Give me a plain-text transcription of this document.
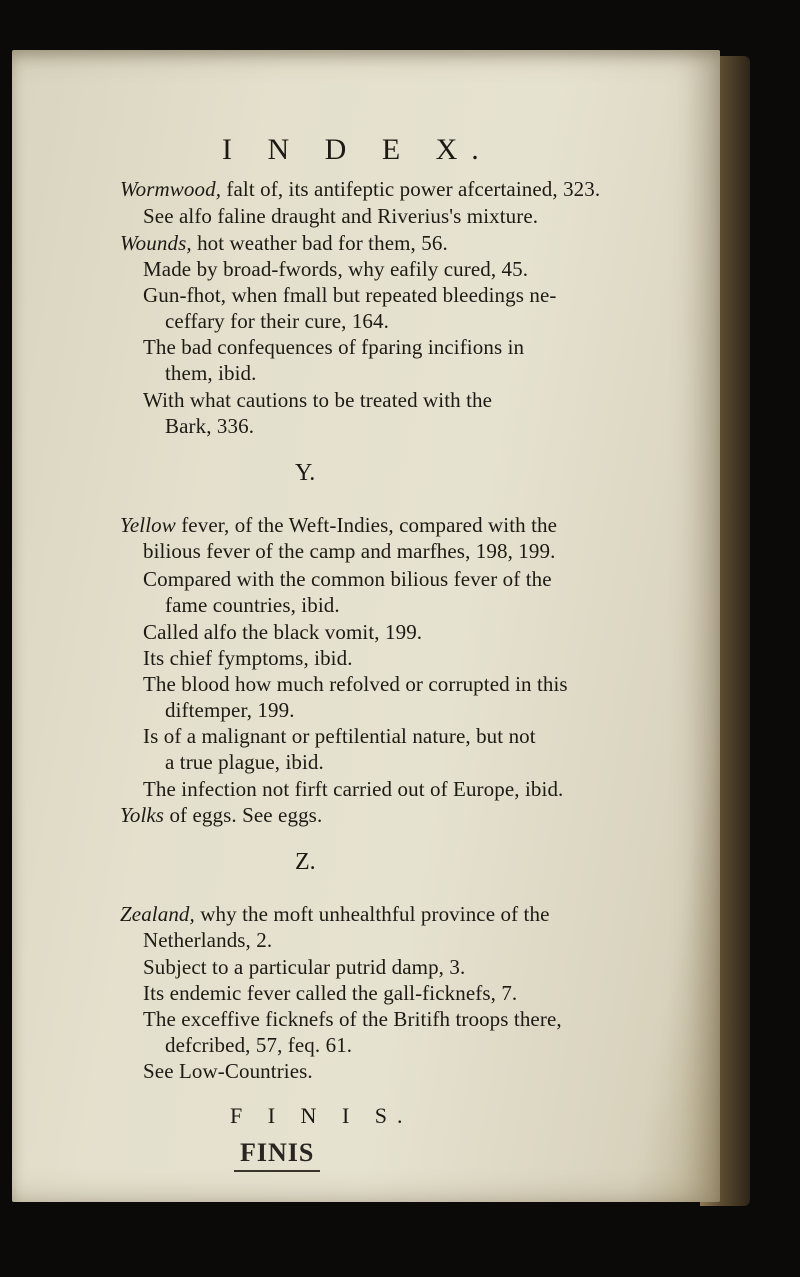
I N D E X.
Wormwood, falt of, its antifeptic power afcertained, 323.
See alfo faline draught and Riverius's mixture.
Wounds, hot weather bad for them, 56.
Made by broad-fwords, why eafily cured, 45.
Gun-fhot, when fmall but repeated bleedings ne-
ceffary for their cure, 164.
The bad confequences of fparing incifions in
them, ibid.
With what cautions to be treated with the
Bark, 336.
Y.
Yellow fever, of the Weft-Indies, compared with the
bilious fever of the camp and marfhes, 198, 199.
Compared with the common bilious fever of the
fame countries, ibid.
Called alfo the black vomit, 199.
Its chief fymptoms, ibid.
The blood how much refolved or corrupted in this
diftemper, 199.
Is of a malignant or peftilential nature, but not
a true plague, ibid.
The infection not firft carried out of Europe, ibid.
Yolks of eggs. See eggs.
Z.
Zealand, why the moft unhealthful province of the
Netherlands, 2.
Subject to a particular putrid damp, 3.
Its endemic fever called the gall-ficknefs, 7.
The exceffive ficknefs of the Britifh troops there,
defcribed, 57, feq. 61.
See Low-Countries.
F I N I S.
FINIS
